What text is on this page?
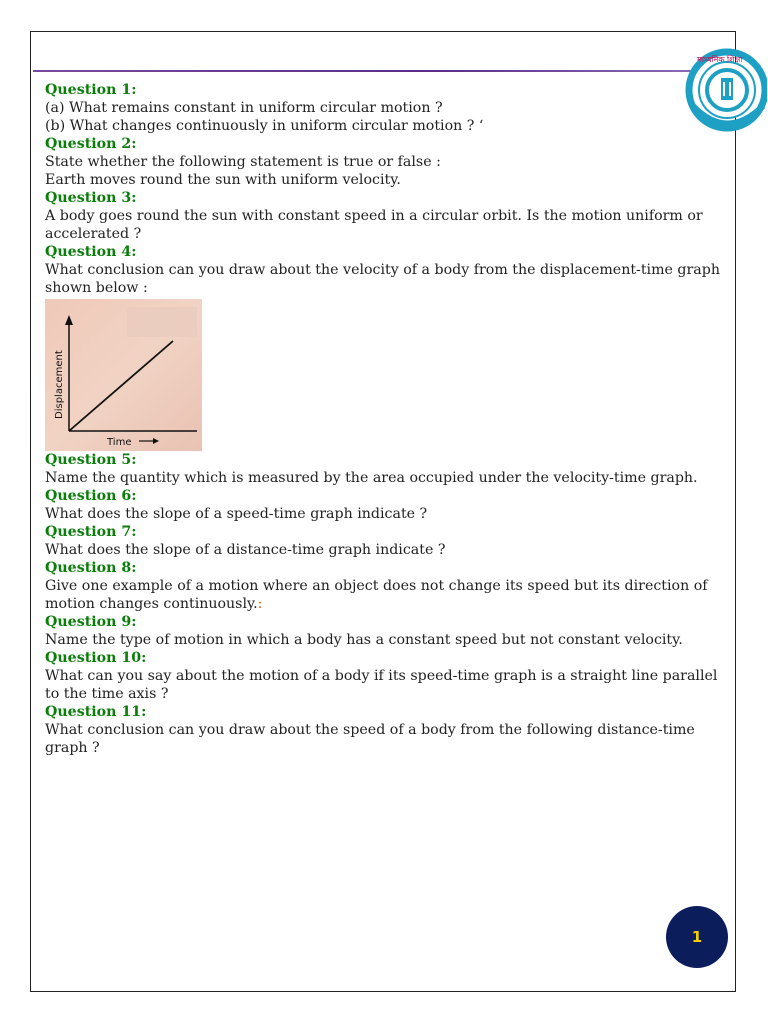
माध्यमिक शिक्षा
Question 1:
(a) What remains constant in uniform circular motion ?
(b) What changes continuously in uniform circular motion ? ‘
Question 2:
State whether the following statement is true or false :
Earth moves round the sun with uniform velocity.
Question 3:
A body goes round the sun with constant speed in a circular orbit. Is the motion uniform or accelerated ?
Question 4:
What conclusion can you draw about the velocity of a body from the displacement-time graph shown below :
Displacement
Time
Question 5:
Name the quantity which is measured by the area occupied under the velocity-time graph.
Question 6:
What does the slope of a speed-time graph indicate ?
Question 7:
What does the slope of a distance-time graph indicate ?
Question 8:
Give one example of a motion where an object does not change its speed but its direction of motion changes continuously.:
Question 9:
Name the type of motion in which a body has a constant speed but not constant velocity.
Question 10:
What can you say about the motion of a body if its speed-time graph is a straight line parallel to the time axis ?
Question 11:
What conclusion can you draw about the speed of a body from the following distance-time graph ?
1
